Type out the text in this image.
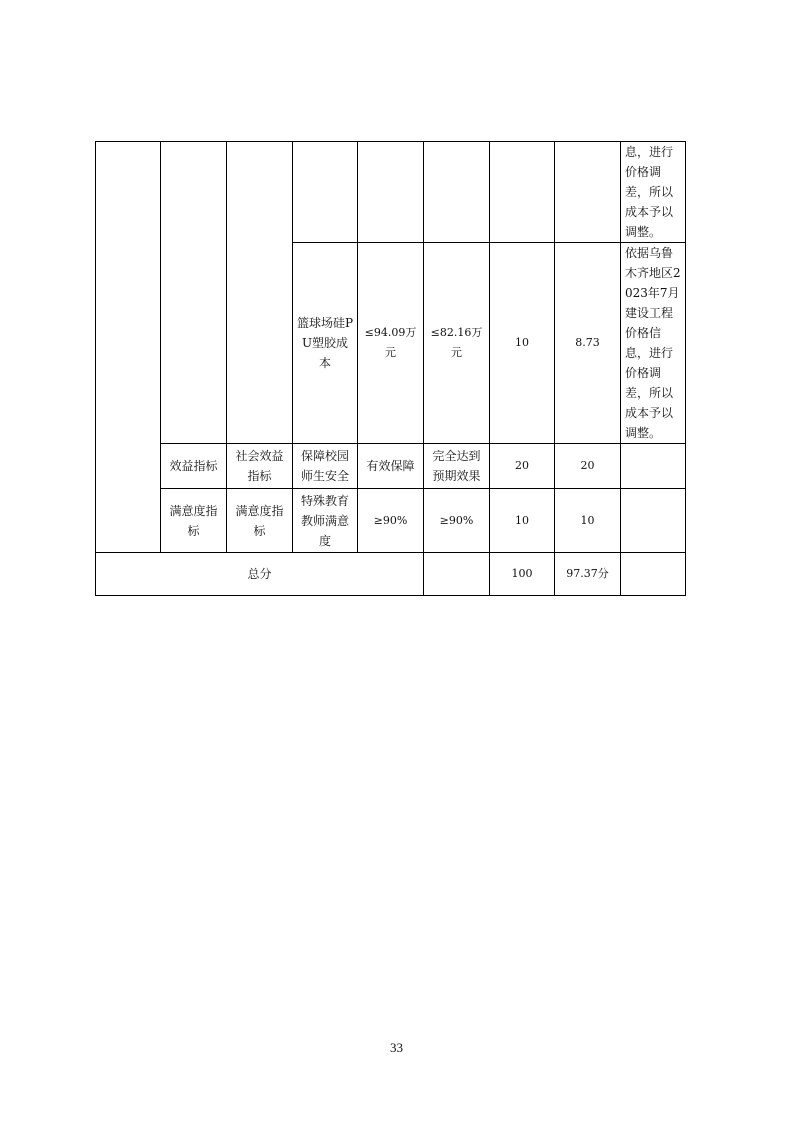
								息，进行价格调差，所以成本予以调整。
			篮球场硅PU塑胶成本	≤94.09万元	≤82.16万元	10	8.73	依据乌鲁木齐地区2023年7月建设工程价格信息，进行价格调差，所以成本予以调整。
	效益指标	社会效益指标	保障校园师生安全	有效保障	完全达到预期效果	20	20	
	满意度指标	满意度指标	特殊教育教师满意度	≥90%	≥90%	10	10	
总分						100	97.37分	
33
